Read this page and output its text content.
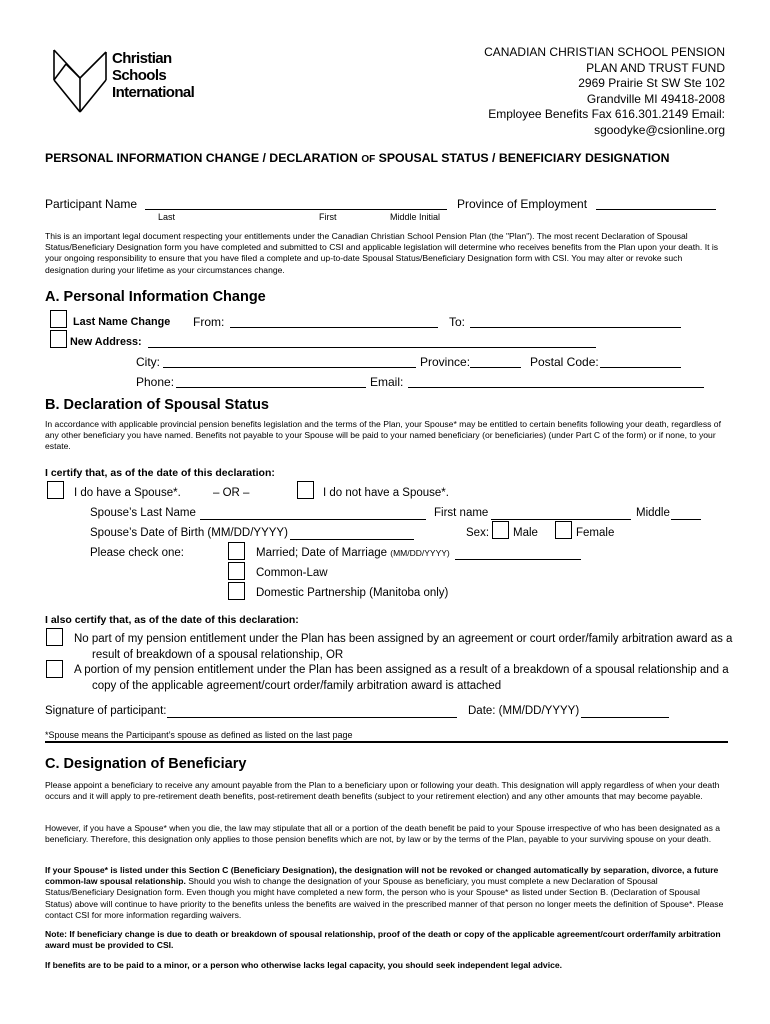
Christian
Schools
International
CANADIAN CHRISTIAN SCHOOL PENSION
PLAN AND TRUST FUND
2969 Prairie St SW Ste 102
Grandville MI 49418-2008
Employee Benefits Fax 616.301.2149 Email:
sgoodyke@csionline.org
PERSONAL INFORMATION CHANGE / DECLARATION OF SPOUSAL STATUS / BENEFICIARY DESIGNATION
Participant Name
Last	First	Middle Initial
Province of Employment
This is an important legal document respecting your entitlements under the Canadian Christian School Pension Plan (the "Plan"). The most recent Declaration of Spousal Status/Beneficiary Designation form you have completed and submitted to CSI and applicable legislation will determine who receives benefits from the Plan upon your death. It is your ongoing responsibility to ensure that you have filed a complete and up-to-date Spousal Status/Beneficiary Designation form with CSI. You may alter or revoke such designation during your lifetime as your circumstances change.
A. Personal Information Change
Last Name Change From:	To:
New Address:
City:	Province:	Postal Code:
Phone:	Email:
B. Declaration of Spousal Status
In accordance with applicable provincial pension benefits legislation and the terms of the Plan, your Spouse* may be entitled to certain benefits following your death, regardless of any other beneficiary you have named. Benefits not payable to your Spouse will be paid to your named beneficiary (or beneficiaries) (under Part C of the form) or if none, to your estate.
I certify that, as of the date of this declaration:
I do have a Spouse*.	– OR –	I do not have a Spouse*.
Spouse’s Last Name	First name	Middle
Spouse’s Date of Birth (MM/DD/YYYY)	Sex: Male	Female
Please check one:	Married; Date of Marriage (MM/DD/YYYY)
Common-Law
Domestic Partnership (Manitoba only)
I also certify that, as of the date of this declaration:
No part of my pension entitlement under the Plan has been assigned by an agreement or court order/family arbitration award as a
result of breakdown of a spousal relationship, OR
A portion of my pension entitlement under the Plan has been assigned as a result of a breakdown of a spousal relationship and a
copy of the applicable agreement/court order/family arbitration award is attached
Signature of participant:	Date: (MM/DD/YYYY)
*Spouse means the Participant’s spouse as defined as listed on the last page
C. Designation of Beneficiary
Please appoint a beneficiary to receive any amount payable from the Plan to a beneficiary upon or following your death. This designation will apply regardless of when your death occurs and it will apply to pre-retirement death benefits, post-retirement death benefits (subject to your retirement election) and any other amounts that may become payable.
However, if you have a Spouse* when you die, the law may stipulate that all or a portion of the death benefit be paid to your Spouse irrespective of who has been designated as a beneficiary. Therefore, this designation only applies to those pension benefits which are not, by law or by the terms of the Plan, payable to your surviving spouse on your death.
If your Spouse* is listed under this Section C (Beneficiary Designation), the designation will not be revoked or changed automatically by separation, divorce, a future common-law spousal relationship. Should you wish to change the designation of your Spouse as beneficiary, you must complete a new Declaration of Spousal Status/Beneficiary Designation form. Even though you might have completed a new form, the person who is your Spouse* as listed under Section B. (Declaration of Spousal Status) above will continue to have priority to the benefits unless the benefits are waived in the prescribed manner of that person no longer meets the definition of Spouse*. Please contact CSI for more information regarding waivers.
Note: If beneficiary change is due to death or breakdown of spousal relationship, proof of the death or copy of the applicable agreement/court order/family arbitration award must be provided to CSI.
If benefits are to be paid to a minor, or a person who otherwise lacks legal capacity, you should seek independent legal advice.
